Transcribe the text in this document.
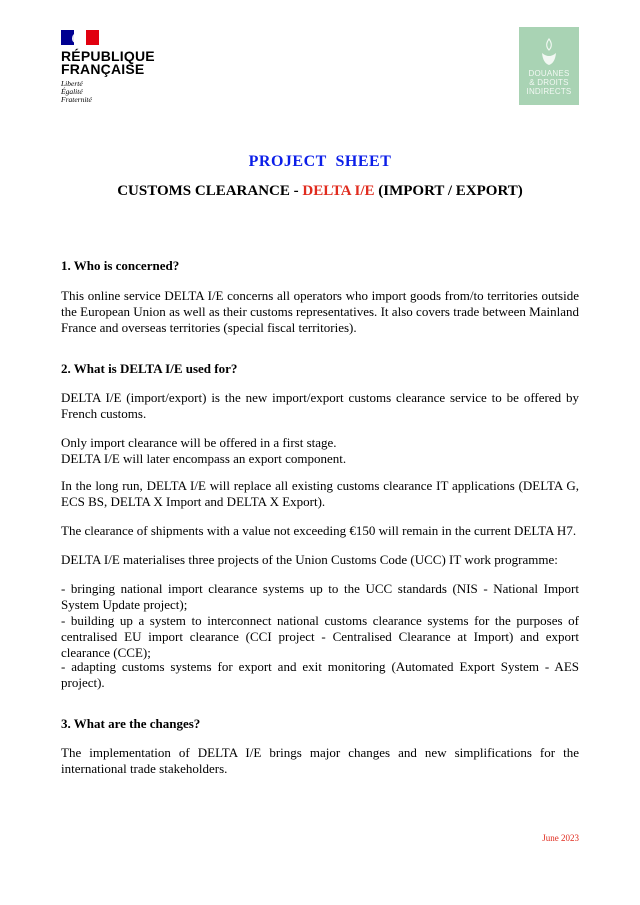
RÉPUBLIQUE
FRANÇAISE
Liberté
Égalité
Fraternité
DOUANES
& DROITS
INDIRECTS
PROJECT  SHEET
CUSTOMS CLEARANCE - DELTA I/E (IMPORT / EXPORT)
1. Who is concerned?
This online service DELTA I/E concerns all operators who import goods from/to territories outside the European Union as well as their customs representatives. It also covers trade between Mainland France and overseas territories (special fiscal territories).
2. What is DELTA I/E used for?
DELTA I/E (import/export) is the new import/export customs clearance service to be offered by French customs.
Only import clearance will be offered in a first stage.
DELTA I/E will later encompass an export component.
In the long run, DELTA I/E will replace all existing customs clearance IT applications (DELTA G, ECS BS, DELTA X Import and DELTA X Export).
The clearance of shipments with a value not exceeding €150 will remain in the current DELTA H7.
DELTA I/E materialises three projects of the Union Customs Code (UCC) IT work programme:
- bringing national import clearance systems up to the UCC standards (NIS - National Import System Update project);
- building up a system to interconnect national customs clearance systems for the purposes of centralised EU import clearance (CCI project - Centralised Clearance at Import) and export clearance (CCE);
- adapting customs systems for export and exit monitoring (Automated Export System - AES project).
3. What are the changes?
The implementation of DELTA I/E brings major changes and new simplifications for the international trade stakeholders.
June 2023
